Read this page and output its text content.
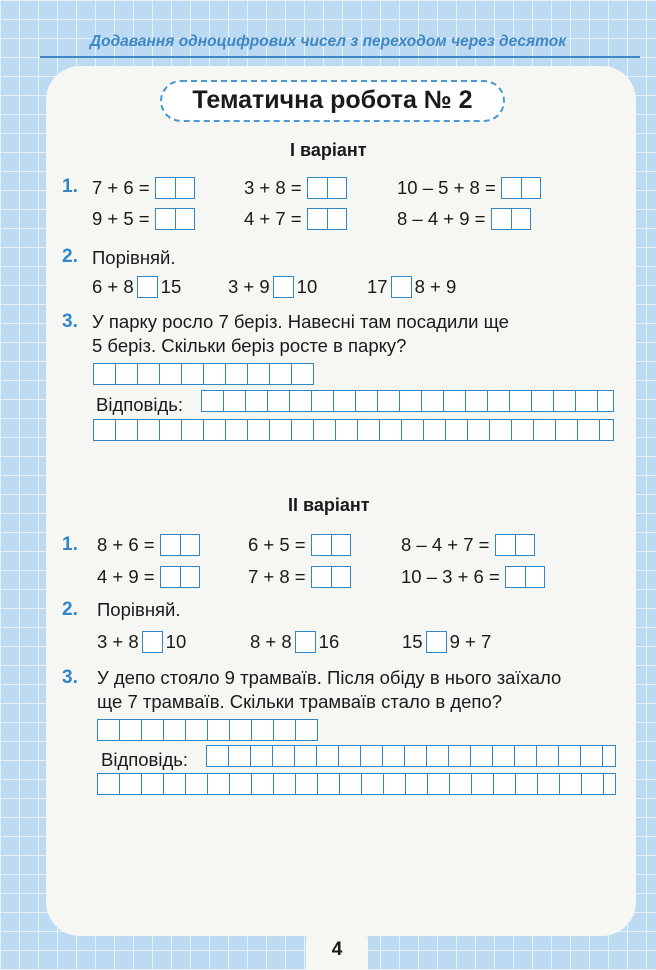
Додавання одноцифрових чисел з переходом через десяток
Тематична робота № 2
І варіант
1. 7 + 6 =	3 + 8 =	10 – 5 + 8 =
9 + 5 =	4 + 7 =	8 – 4 + 9 =
2. Порівняй.
6 + 8 15	3 + 9 10	17 8 + 9
3. У парку росло 7 беріз. Навесні там посадили ще
5 беріз. Скільки беріз росте в парку?
Відповідь:
ІІ варіант
1. 8 + 6 =	6 + 5 =	8 – 4 + 7 =
4 + 9 =	7 + 8 =	10 – 3 + 6 =
2. Порівняй.
3 + 8 10	8 + 8 16	15 9 + 7
3. У депо стояло 9 трамваїв. Після обіду в нього заїхало
ще 7 трамваїв. Скільки трамваїв стало в депо?
Відповідь:
4
